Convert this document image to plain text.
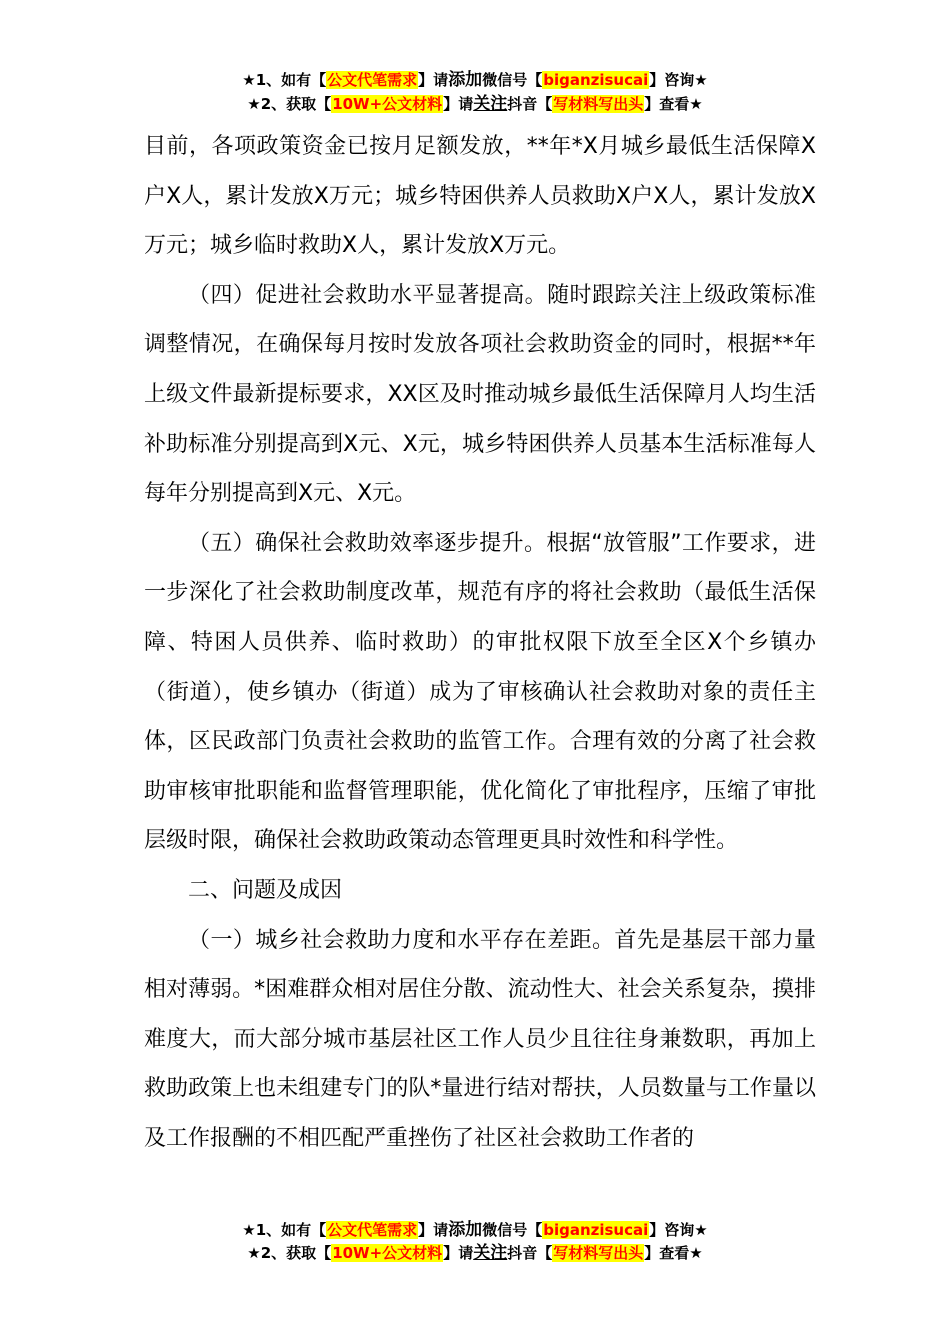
★1、如有【公文代笔需求】请添加微信号【biganzisucai】咨询★
★2、获取【10W+公文材料】请关注抖音【写材料写出头】查看★

目前，各项政策资金已按月足额发放，**年*X月城乡最低生活保障X户X人，累计发放X万元；城乡特困供养人员救助X户X人，累计发放X万元；城乡临时救助X人，累计发放X万元。

（四）促进社会救助水平显著提高。随时跟踪关注上级政策标准调整情况，在确保每月按时发放各项社会救助资金的同时，根据**年上级文件最新提标要求，XX区及时推动城乡最低生活保障月人均生活补助标准分别提高到X元、X元，城乡特困供养人员基本生活标准每人每年分别提高到X元、X元。

（五）确保社会救助效率逐步提升。根据“放管服”工作要求，进一步深化了社会救助制度改革，规范有序的将社会救助（最低生活保障、特困人员供养、临时救助）的审批权限下放至全区X个乡镇办（街道），使乡镇办（街道）成为了审核确认社会救助对象的责任主体，区民政部门负责社会救助的监管工作。合理有效的分离了社会救助审核审批职能和监督管理职能，优化简化了审批程序，压缩了审批层级时限，确保社会救助政策动态管理更具时效性和科学性。

二、问题及成因

（一）城乡社会救助力度和水平存在差距。首先是基层干部力量相对薄弱。*困难群众相对居住分散、流动性大、社会关系复杂，摸排难度大，而大部分城市基层社区工作人员少且往往身兼数职，再加上救助政策上也未组建专门的队*量进行结对帮扶，人员数量与工作量以及工作报酬的不相匹配严重挫伤了社区社会救助工作者的

★1、如有【公文代笔需求】请添加微信号【biganzisucai】咨询★
★2、获取【10W+公文材料】请关注抖音【写材料写出头】查看★
